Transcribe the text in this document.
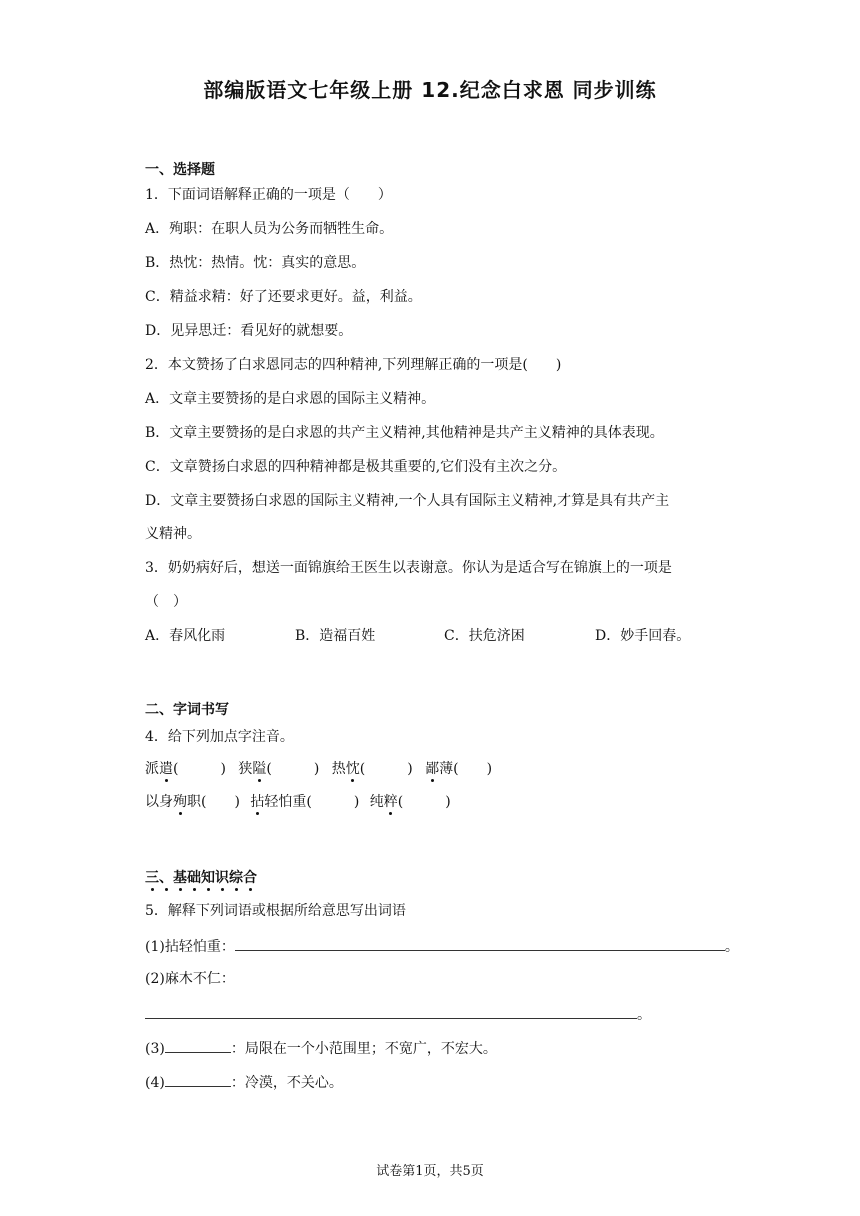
部编版语文七年级上册 12.纪念白求恩 同步训练
一、选择题
1．下面词语解释正确的一项是（　　）
A．殉职：在职人员为公务而牺牲生命。
B．热忱：热情。忱：真实的意思。
C．精益求精：好了还要求更好。益，利益。
D．见异思迁：看见好的就想要。
2．本文赞扬了白求恩同志的四种精神,下列理解正确的一项是(　　)
A．文章主要赞扬的是白求恩的国际主义精神。
B．文章主要赞扬的是白求恩的共产主义精神,其他精神是共产主义精神的具体表现。
C．文章赞扬白求恩的四种精神都是极其重要的,它们没有主次之分。
D．文章主要赞扬白求恩的国际主义精神,一个人具有国际主义精神,才算是具有共产主
义精神。
3．奶奶病好后，想送一面锦旗给王医生以表谢意。你认为是适合写在锦旗上的一项是
（　）
A．春风化雨	B．造福百姓	C．扶危济困	D．妙手回春。
二、字词书写
4．给下列加点字注音。
派遣(　　　) 狭隘(　　　) 热忱(　　　) 鄙薄(　　)
以身殉职(　　) 拈轻怕重(　　　) 纯粹(　　　)
三、基础知识综合
5．解释下列词语或根据所给意思写出词语
(1)拈轻怕重：	。
(2)麻木不仁：
。
(3)	：局限在一个小范围里；不宽广，不宏大。
(4)	：冷漠，不关心。
试卷第1页，共5页
